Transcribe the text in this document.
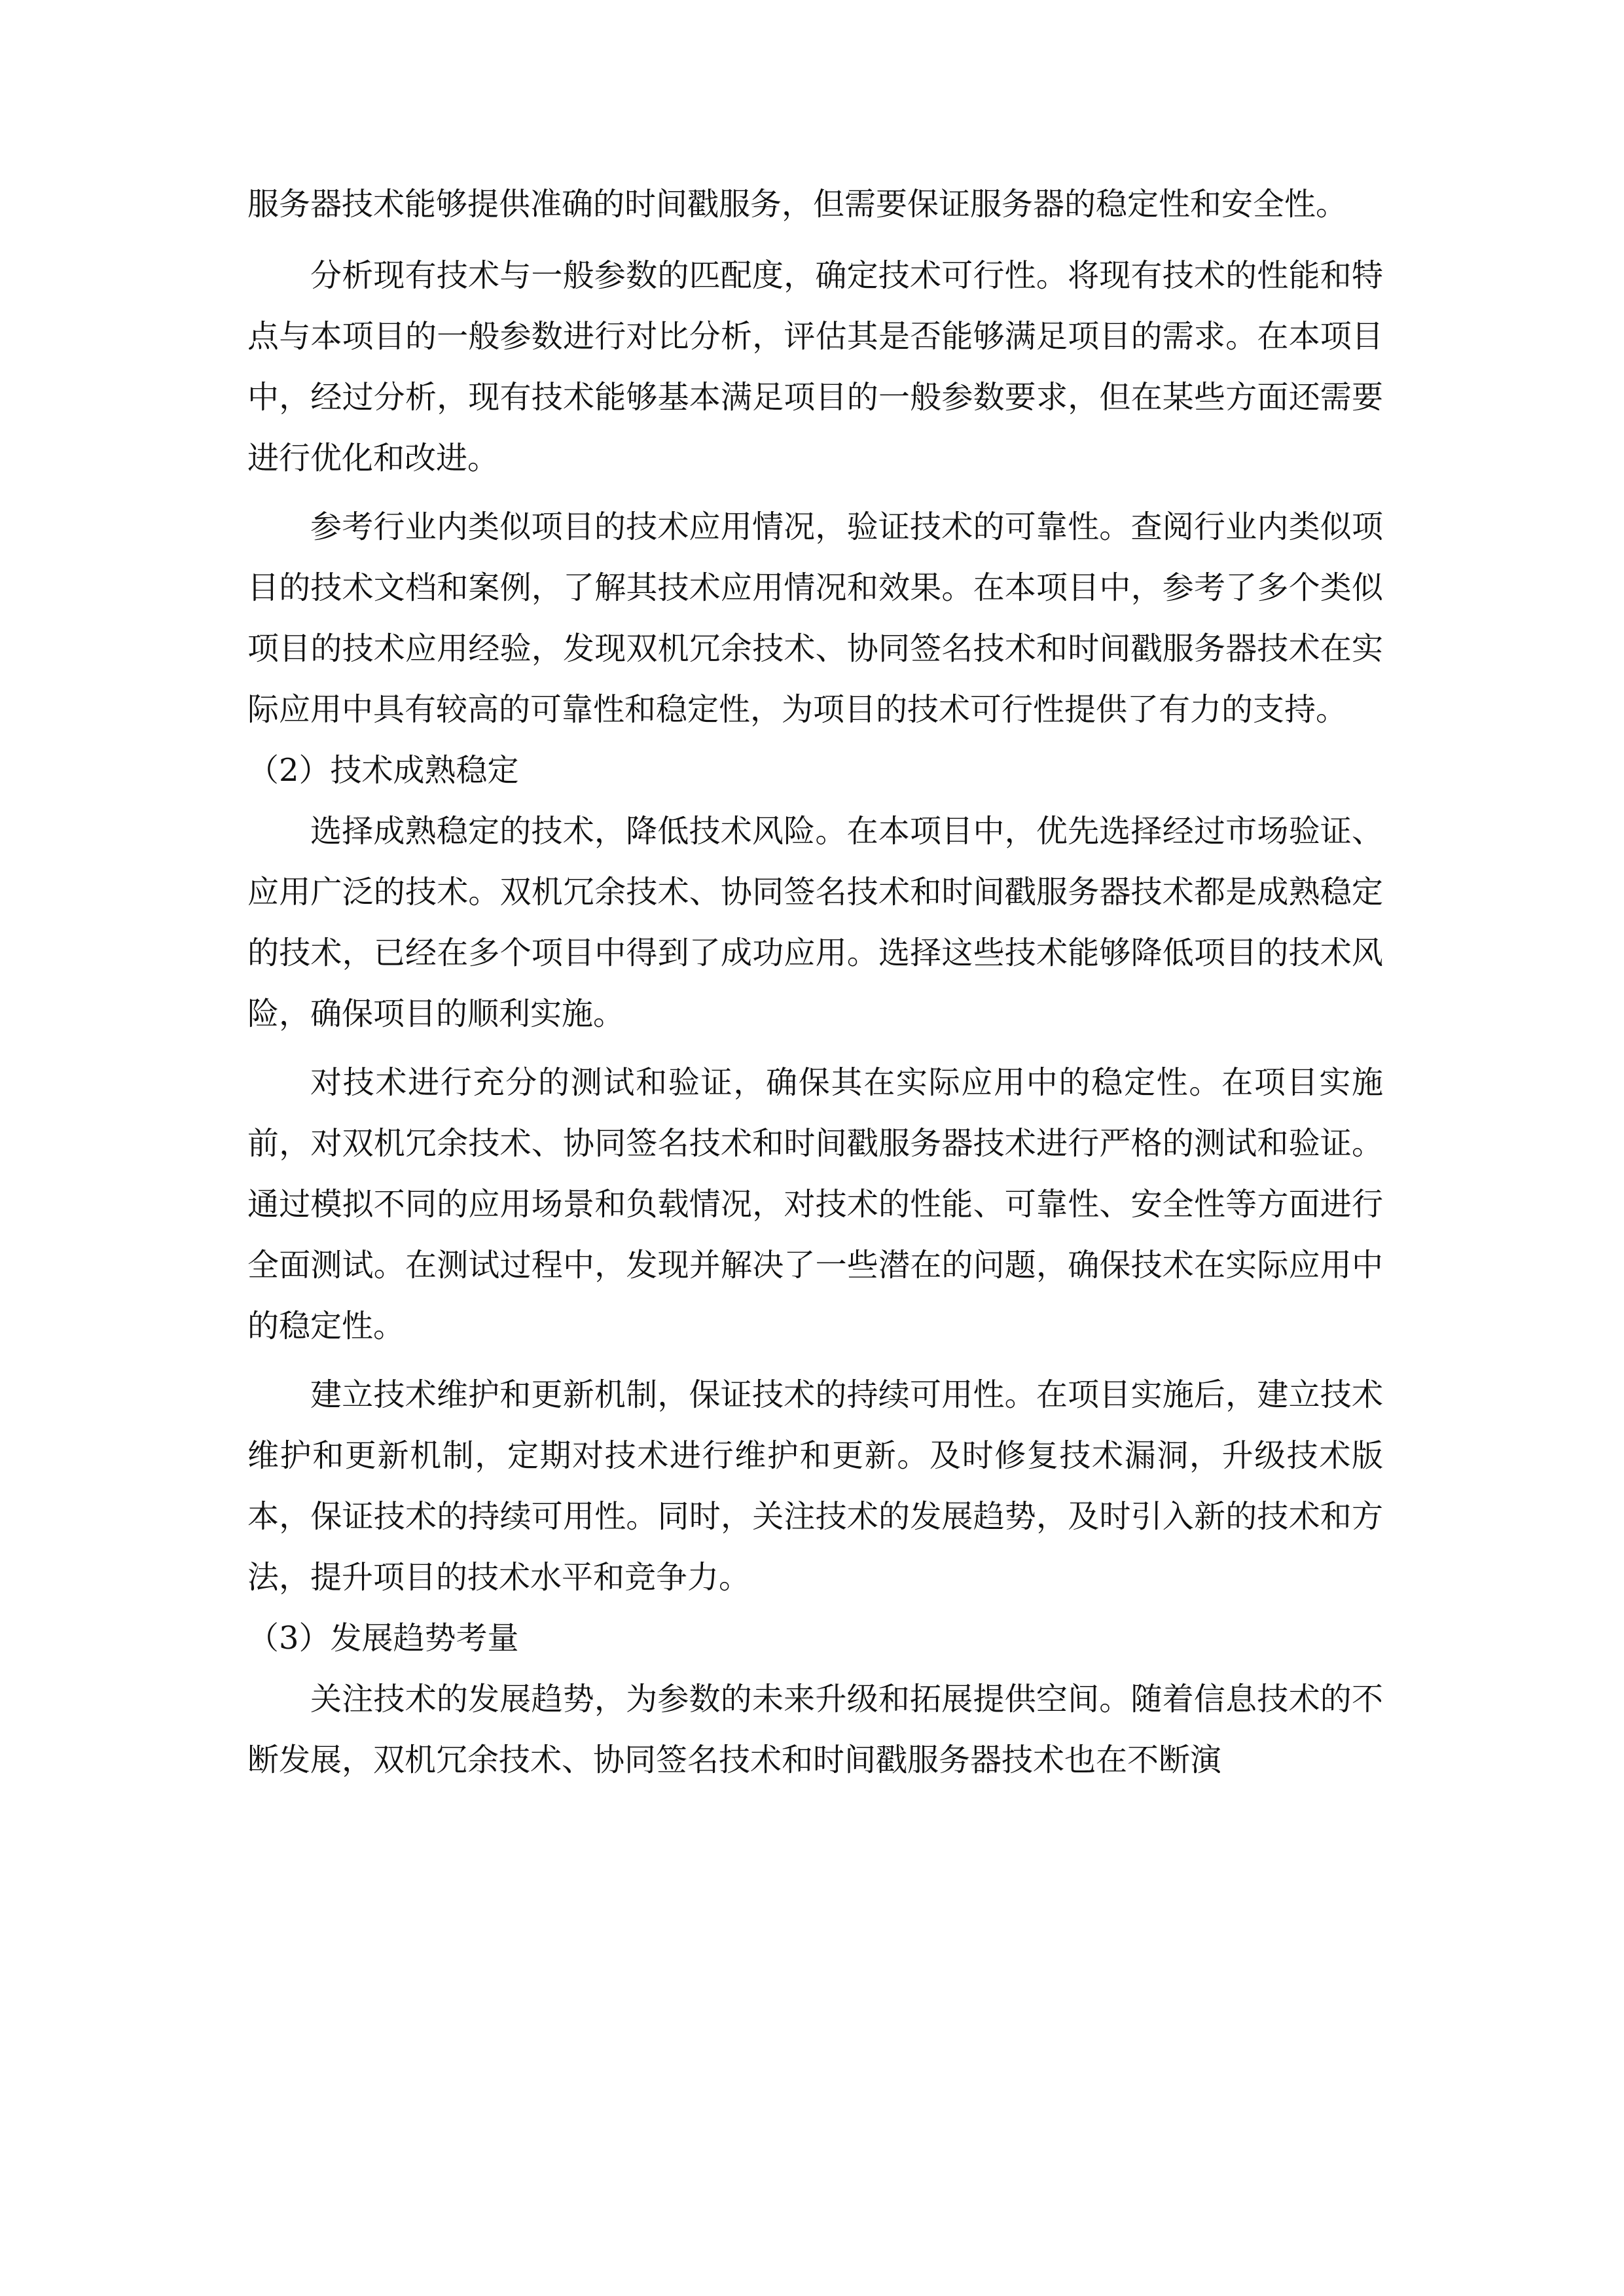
服务器技术能够提供准确的时间戳服务，但需要保证服务器的稳定性和安全性。

分析现有技术与一般参数的匹配度，确定技术可行性。将现有技术的性能和特点与本项目的一般参数进行对比分析，评估其是否能够满足项目的需求。在本项目中，经过分析，现有技术能够基本满足项目的一般参数要求，但在某些方面还需要进行优化和改进。

参考行业内类似项目的技术应用情况，验证技术的可靠性。查阅行业内类似项目的技术文档和案例，了解其技术应用情况和效果。在本项目中，参考了多个类似项目的技术应用经验，发现双机冗余技术、协同签名技术和时间戳服务器技术在实际应用中具有较高的可靠性和稳定性，为项目的技术可行性提供了有力的支持。

（2）技术成熟稳定

选择成熟稳定的技术，降低技术风险。在本项目中，优先选择经过市场验证、应用广泛的技术。双机冗余技术、协同签名技术和时间戳服务器技术都是成熟稳定的技术，已经在多个项目中得到了成功应用。选择这些技术能够降低项目的技术风险，确保项目的顺利实施。

对技术进行充分的测试和验证，确保其在实际应用中的稳定性。在项目实施前，对双机冗余技术、协同签名技术和时间戳服务器技术进行严格的测试和验证。通过模拟不同的应用场景和负载情况，对技术的性能、可靠性、安全性等方面进行全面测试。在测试过程中，发现并解决了一些潜在的问题，确保技术在实际应用中的稳定性。

建立技术维护和更新机制，保证技术的持续可用性。在项目实施后，建立技术维护和更新机制，定期对技术进行维护和更新。及时修复技术漏洞，升级技术版本，保证技术的持续可用性。同时，关注技术的发展趋势，及时引入新的技术和方法，提升项目的技术水平和竞争力。

（3）发展趋势考量

关注技术的发展趋势，为参数的未来升级和拓展提供空间。随着信息技术的不断发展，双机冗余技术、协同签名技术和时间戳服务器技术也在不断演
